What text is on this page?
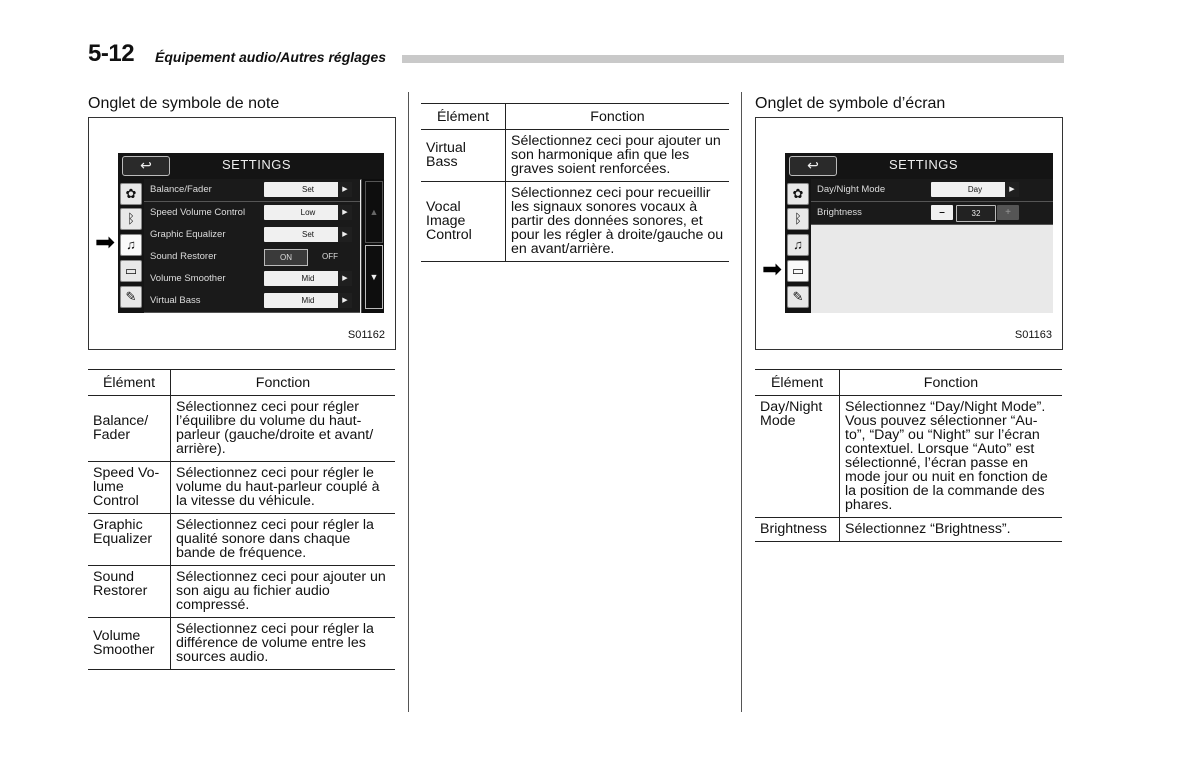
5-12 Équipement audio/Autres réglages
Onglet de symbole de note
↩	SETTINGS
✿
ᛒ
♫
▭
✎
Balance/Fader	Set	▶
Speed Volume Control	Low	▶
Graphic Equalizer	Set	▶
Sound Restorer	ON	OFF
Volume Smoother	Mid	▶
Virtual Bass	Mid	▶
▲
▼
➡
S01162
Élément	Fonction
Balance/ Fader	Sélectionnez ceci pour régler l’équilibre du volume du haut-parleur (gauche/droite et avant/ arrière).
Speed Vo-lume Control	Sélectionnez ceci pour régler le volume du haut-parleur couplé à la vitesse du véhicule.
Graphic Equalizer	Sélectionnez ceci pour régler la qualité sonore dans chaque bande de fréquence.
Sound Restorer	Sélectionnez ceci pour ajouter un son aigu au fichier audio compressé.
Volume Smoother	Sélectionnez ceci pour régler la différence de volume entre les sources audio.
Élément	Fonction
Virtual Bass	Sélectionnez ceci pour ajouter un son harmonique afin que les graves soient renforcées.
Vocal Image Control	Sélectionnez ceci pour recueillir les signaux sonores vocaux à partir des données sonores, et pour les régler à droite/gauche ou en avant/arrière.
Onglet de symbole d’écran
↩	SETTINGS
✿
ᛒ
♫
▭
✎
Day/Night Mode	Day	▶
Brightness	–	32	+
➡
S01163
Élément	Fonction
Day/Night Mode	Sélectionnez “Day/Night Mode”. Vous pouvez sélectionner “Au-to”, “Day” ou “Night” sur l’écran contextuel. Lorsque “Auto” est sélectionné, l’écran passe en mode jour ou nuit en fonction de la position de la commande des phares.
Brightness	Sélectionnez “Brightness”.
